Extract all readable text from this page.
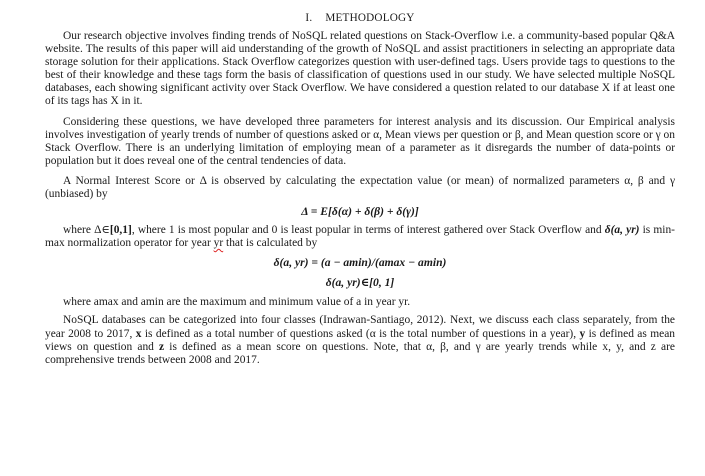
I. METHODOLOGY

Our research objective involves finding trends of NoSQL related questions on Stack-Overflow i.e. a community-based popular Q&A website. The results of this paper will aid understanding of the growth of NoSQL and assist practitioners in selecting an appropriate data storage solution for their applications. Stack Overflow categorizes question with user-defined tags. Users provide tags to questions to the best of their knowledge and these tags form the basis of classification of questions used in our study. We have selected multiple NoSQL databases, each showing significant activity over Stack Overflow. We have considered a question related to our database X if at least one of its tags has X in it.

Considering these questions, we have developed three parameters for interest analysis and its discussion. Our Empirical analysis involves investigation of yearly trends of number of questions asked or α, Mean views per question or β, and Mean question score or γ on Stack Overflow. There is an underlying limitation of employing mean of a parameter as it disregards the number of data-points or population but it does reveal one of the central tendencies of data.

A Normal Interest Score or Δ is observed by calculating the expectation value (or mean) of normalized parameters α, β and γ (unbiased) by

Δ = E[δ(α) + δ(β) + δ(γ)]

where Δ∈[0,1], where 1 is most popular and 0 is least popular in terms of interest gathered over Stack Overflow and δ(a, yr) is min-max normalization operator for year yr that is calculated by

δ(a, yr) = (a − amin)/(amax − amin)
δ(a, yr)∈[0, 1]

where amax and amin are the maximum and minimum value of a in year yr.

NoSQL databases can be categorized into four classes (Indrawan-Santiago, 2012). Next, we discuss each class separately, from the year 2008 to 2017, x is defined as a total number of questions asked (α is the total number of questions in a year), y is defined as mean views on question and z is defined as a mean score on questions. Note, that α, β, and γ are yearly trends while x, y, and z are comprehensive trends between 2008 and 2017.
